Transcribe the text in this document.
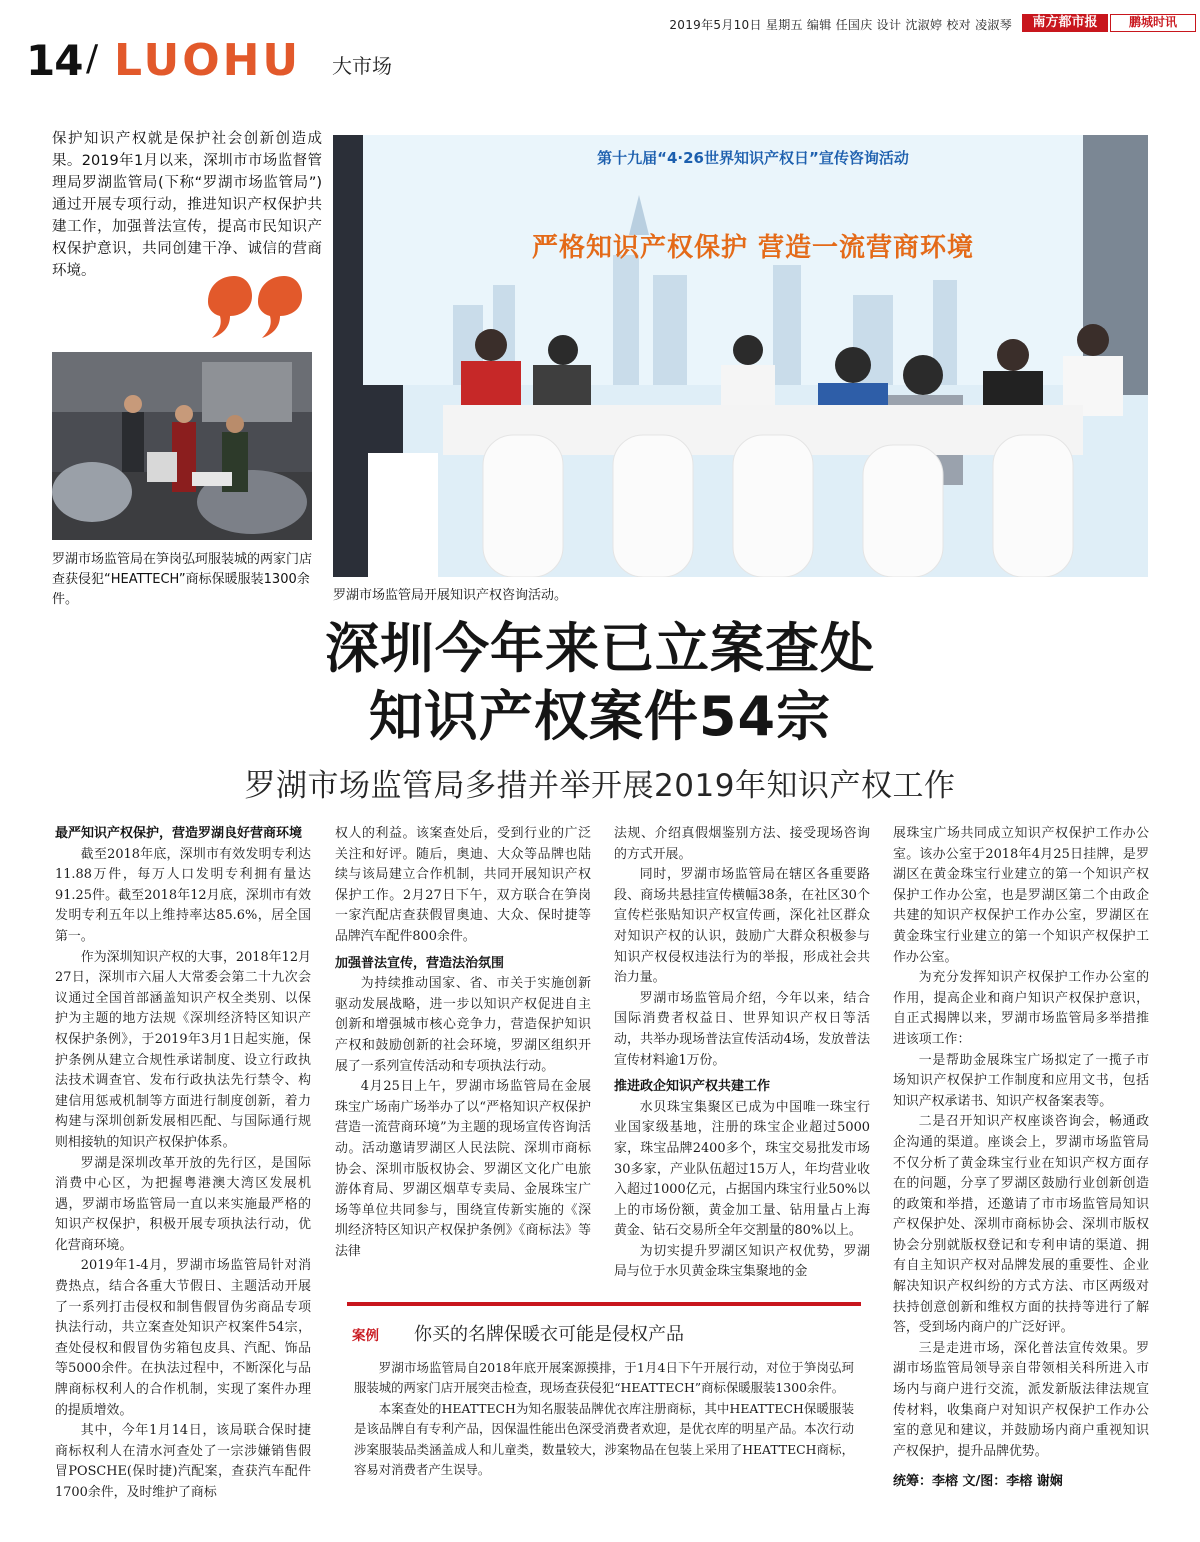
2019年5月10日 星期五 编辑 任国庆 设计 沈淑婷 校对 凌淑琴	南方都市报	鹏城时讯
14 / LUOHU 大市场
保护知识产权就是保护社会创新创造成果。2019年1月以来，深圳市市场监督管理局罗湖监管局(下称“罗湖市场监管局”)通过开展专项行动，推进知识产权保护共建工作，加强普法宣传，提高市民知识产权保护意识，共同创建干净、诚信的营商环境。
罗湖市场监管局在笋岗弘珂服装城的两家门店查获侵犯“HEATTECH”商标保暖服装1300余件。
第十九届“4·26世界知识产权日”宣传咨询活动
严格知识产权保护 营造一流营商环境
罗湖市场监管局开展知识产权咨询活动。
深圳今年来已立案查处
知识产权案件54宗
罗湖市场监管局多措并举开展2019年知识产权工作
最严知识产权保护，营造罗湖良好营商环境

截至2018年底，深圳市有效发明专利达11.88万件，每万人口发明专利拥有量达91.25件。截至2018年12月底，深圳市有效发明专利五年以上维持率达85.6%，居全国第一。

作为深圳知识产权的大事，2018年12月27日，深圳市六届人大常委会第二十九次会议通过全国首部涵盖知识产权全类别、以保护为主题的地方法规《深圳经济特区知识产权保护条例》，于2019年3月1日起实施，保护条例从建立合规性承诺制度、设立行政执法技术调查官、发布行政执法先行禁令、构建信用惩戒机制等方面进行制度创新，着力构建与深圳创新发展相匹配、与国际通行规则相接轨的知识产权保护体系。

罗湖是深圳改革开放的先行区，是国际消费中心区，为把握粤港澳大湾区发展机遇，罗湖市场监管局一直以来实施最严格的知识产权保护，积极开展专项执法行动，优化营商环境。

2019年1-4月，罗湖市场监管局针对消费热点，结合各重大节假日、主题活动开展了一系列打击侵权和制售假冒伪劣商品专项执法行动，共立案查处知识产权案件54宗，查处侵权和假冒伪劣箱包皮具、汽配、饰品等5000余件。在执法过程中，不断深化与品牌商标权利人的合作机制，实现了案件办理的提质增效。

其中，今年1月14日，该局联合保时捷商标权利人在清水河查处了一宗涉嫌销售假冒POSCHE(保时捷)汽配案，查获汽车配件1700余件，及时维护了商标

权人的利益。该案查处后，受到行业的广泛关注和好评。随后，奥迪、大众等品牌也陆续与该局建立合作机制，共同开展知识产权保护工作。2月27日下午，双方联合在笋岗一家汽配店查获假冒奥迪、大众、保时捷等品牌汽车配件800余件。

加强普法宣传，营造法治氛围

为持续推动国家、省、市关于实施创新驱动发展战略，进一步以知识产权促进自主创新和增强城市核心竞争力，营造保护知识产权和鼓励创新的社会环境，罗湖区组织开展了一系列宣传活动和专项执法行动。

4月25日上午，罗湖市场监管局在金展珠宝广场南广场举办了以“严格知识产权保护 营造一流营商环境”为主题的现场宣传咨询活动。活动邀请罗湖区人民法院、深圳市商标协会、深圳市版权协会、罗湖区文化广电旅游体育局、罗湖区烟草专卖局、金展珠宝广场等单位共同参与，围绕宣传新实施的《深圳经济特区知识产权保护条例》《商标法》等法律

法规、介绍真假烟鉴别方法、接受现场咨询的方式开展。

同时，罗湖市场监管局在辖区各重要路段、商场共悬挂宣传横幅38条，在社区30个宣传栏张贴知识产权宣传画，深化社区群众对知识产权的认识，鼓励广大群众积极参与知识产权侵权违法行为的举报，形成社会共治力量。

罗湖市场监管局介绍，今年以来，结合国际消费者权益日、世界知识产权日等活动，共举办现场普法宣传活动4场，发放普法宣传材料逾1万份。

推进政企知识产权共建工作

水贝珠宝集聚区已成为中国唯一珠宝行业国家级基地，注册的珠宝企业超过5000家，珠宝品牌2400多个，珠宝交易批发市场30多家，产业队伍超过15万人，年均营业收入超过1000亿元，占据国内珠宝行业50%以上的市场份额，黄金加工量、钻用量占上海黄金、钻石交易所全年交割量的80%以上。

为切实提升罗湖区知识产权优势，罗湖局与位于水贝黄金珠宝集聚地的金

展珠宝广场共同成立知识产权保护工作办公室。该办公室于2018年4月25日挂牌，是罗湖区在黄金珠宝行业建立的第一个知识产权保护工作办公室，也是罗湖区第二个由政企共建的知识产权保护工作办公室，罗湖区在黄金珠宝行业建立的第一个知识产权保护工作办公室。

为充分发挥知识产权保护工作办公室的作用，提高企业和商户知识产权保护意识，自正式揭牌以来，罗湖市场监管局多举措推进该项工作：

一是帮助金展珠宝广场拟定了一揽子市场知识产权保护工作制度和应用文书，包括知识产权承诺书、知识产权备案表等。

二是召开知识产权座谈咨询会，畅通政企沟通的渠道。座谈会上，罗湖市场监管局不仅分析了黄金珠宝行业在知识产权方面存在的问题，分享了罗湖区鼓励行业创新创造的政策和举措，还邀请了市市场监管局知识产权保护处、深圳市商标协会、深圳市版权协会分别就版权登记和专利申请的渠道、拥有自主知识产权对品牌发展的重要性、企业解决知识产权纠纷的方式方法、市区两级对扶持创意创新和维权方面的扶持等进行了解答，受到场内商户的广泛好评。

三是走进市场，深化普法宣传效果。罗湖市场监管局领导亲自带领相关科所进入市场内与商户进行交流，派发新版法律法规宣传材料，收集商户对知识产权保护工作办公室的意见和建议，并鼓励场内商户重视知识产权保护，提升品牌优势。

案例 你买的名牌保暖衣可能是侵权产品

罗湖市场监管局自2018年底开展案源摸排，于1月4日下午开展行动，对位于笋岗弘珂服装城的两家门店开展突击检查，现场查获侵犯“HEATTECH”商标保暖服装1300余件。

本案查处的HEATTECH为知名服装品牌优衣库注册商标，其中HEATTECH保暖服装是该品牌自有专利产品，因保温性能出色深受消费者欢迎，是优衣库的明星产品。本次行动涉案服装品类涵盖成人和儿童类，数量较大，涉案物品在包装上采用了HEATTECH商标，容易对消费者产生误导。

统筹：李榕 文/图：李榕 谢娴
